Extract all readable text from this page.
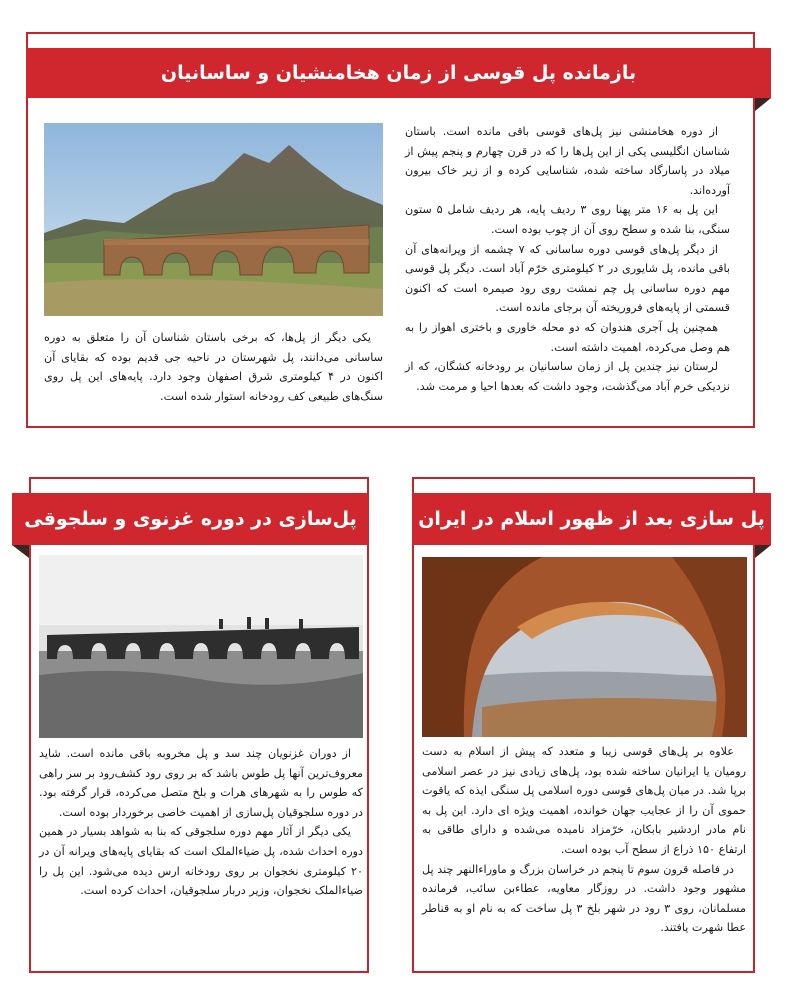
بازمانده پل قوسی از زمان هخامنشیان و ساسانیان

از دوره هخامنشی نیز پل‌های قوسی باقی مانده است. باستان شناسان انگلیسی یکی از این پل‌ها را که در قرن چهارم و پنجم پیش از میلاد در پاسارگاد ساخته شده، شناسایی کرده و از زیر خاک بیرون آورده‌اند.

این پل به ۱۶ متر پهنا روی ۳ ردیف پایه، هر ردیف شامل ۵ ستون سنگی، بنا شده و سطح روی آن از چوب بوده است.

از دیگر پل‌های قوسی دوره ساسانی که ۷ چشمه از ویرانه‌های آن باقی مانده، پل شایوری در ۲ کیلومتری خرّم آباد است. دیگر پل قوسی مهم دوره ساسانی پل چم نمشت روی رود صیمره است که اکنون قسمتی از پایه‌های فروریخته آن برجای مانده است.

همچنین پل آجری هندوان که دو محله خاوری و باختری اهواز را به هم وصل می‌کرده، اهمیت داشته است.

لرستان نیز چندین پل از زمان ساسانیان بر رودخانه کشگان، که از نزدیکی خرم آباد می‌گذشت، وجود داشت که بعدها احیا و مرمت شد.

یکی دیگر از پل‌ها، که برخی باستان شناسان آن را متعلق به دوره ساسانی می‌دانند، پل شهرستان در ناحیه جی قدیم بوده که بقایای آن اکنون در ۴ کیلومتری شرق اصفهان وجود دارد. پایه‌های این پل روی سنگ‌های طبیعی کف رودخانه استوار شده است.

پل‌سازی در دوره غزنوی و سلجوقی

از دوران غزنویان چند سد و پل مخروبه باقی مانده است. شاید معروف‌ترین آنها پل طوس باشد که بر روی رود کشف‌رود بر سر راهی که طوس را به شهرهای هرات و بلخ متصل می‌کرده، قرار گرفته بود. در دوره سلجوقیان پل‌سازی از اهمیت خاصی برخوردار بوده است.

یکی دیگر از آثار مهم دوره سلجوقی که بنا به شواهد بسیار در همین دوره احداث شده، پل ضیاءالملک است که بقایای پایه‌های ویرانه آن در ۲۰ کیلومتری نخجوان بر روی رودخانه ارس دیده می‌شود. این پل را ضیاءالملک نخجوان، وزیر دربار سلجوقیان، احداث کرده است.

پل سازی بعد از ظهور اسلام در ایران

علاوه بر پل‌های قوسی زیبا و متعدد که پیش از اسلام به دست رومیان یا ایرانیان ساخته شده بود، پل‌های زیادی نیز در عصر اسلامی برپا شد. در میان پل‌های قوسی دوره اسلامی پل سنگی ایذه که یاقوت حموی آن را از عجایب جهان خوانده، اهمیت ویژه ای دارد. این پل به نام مادر اردشیر بابکان، خرّمزاد نامیده می‌شده و دارای طاقی به ارتفاع ۱۵۰ ذراع از سطح آب بوده است.

در فاصله قرون سوم تا پنجم در خراسان بزرگ و ماوراءالنهر چند پل مشهور وجود داشت. در روزگار معاویه، عطاءبن سائب، فرمانده مسلمانان، روی ۳ رود در شهر بلخ ۳ پل ساخت که به نام او به قناطر عطا شهرت یافتند.
